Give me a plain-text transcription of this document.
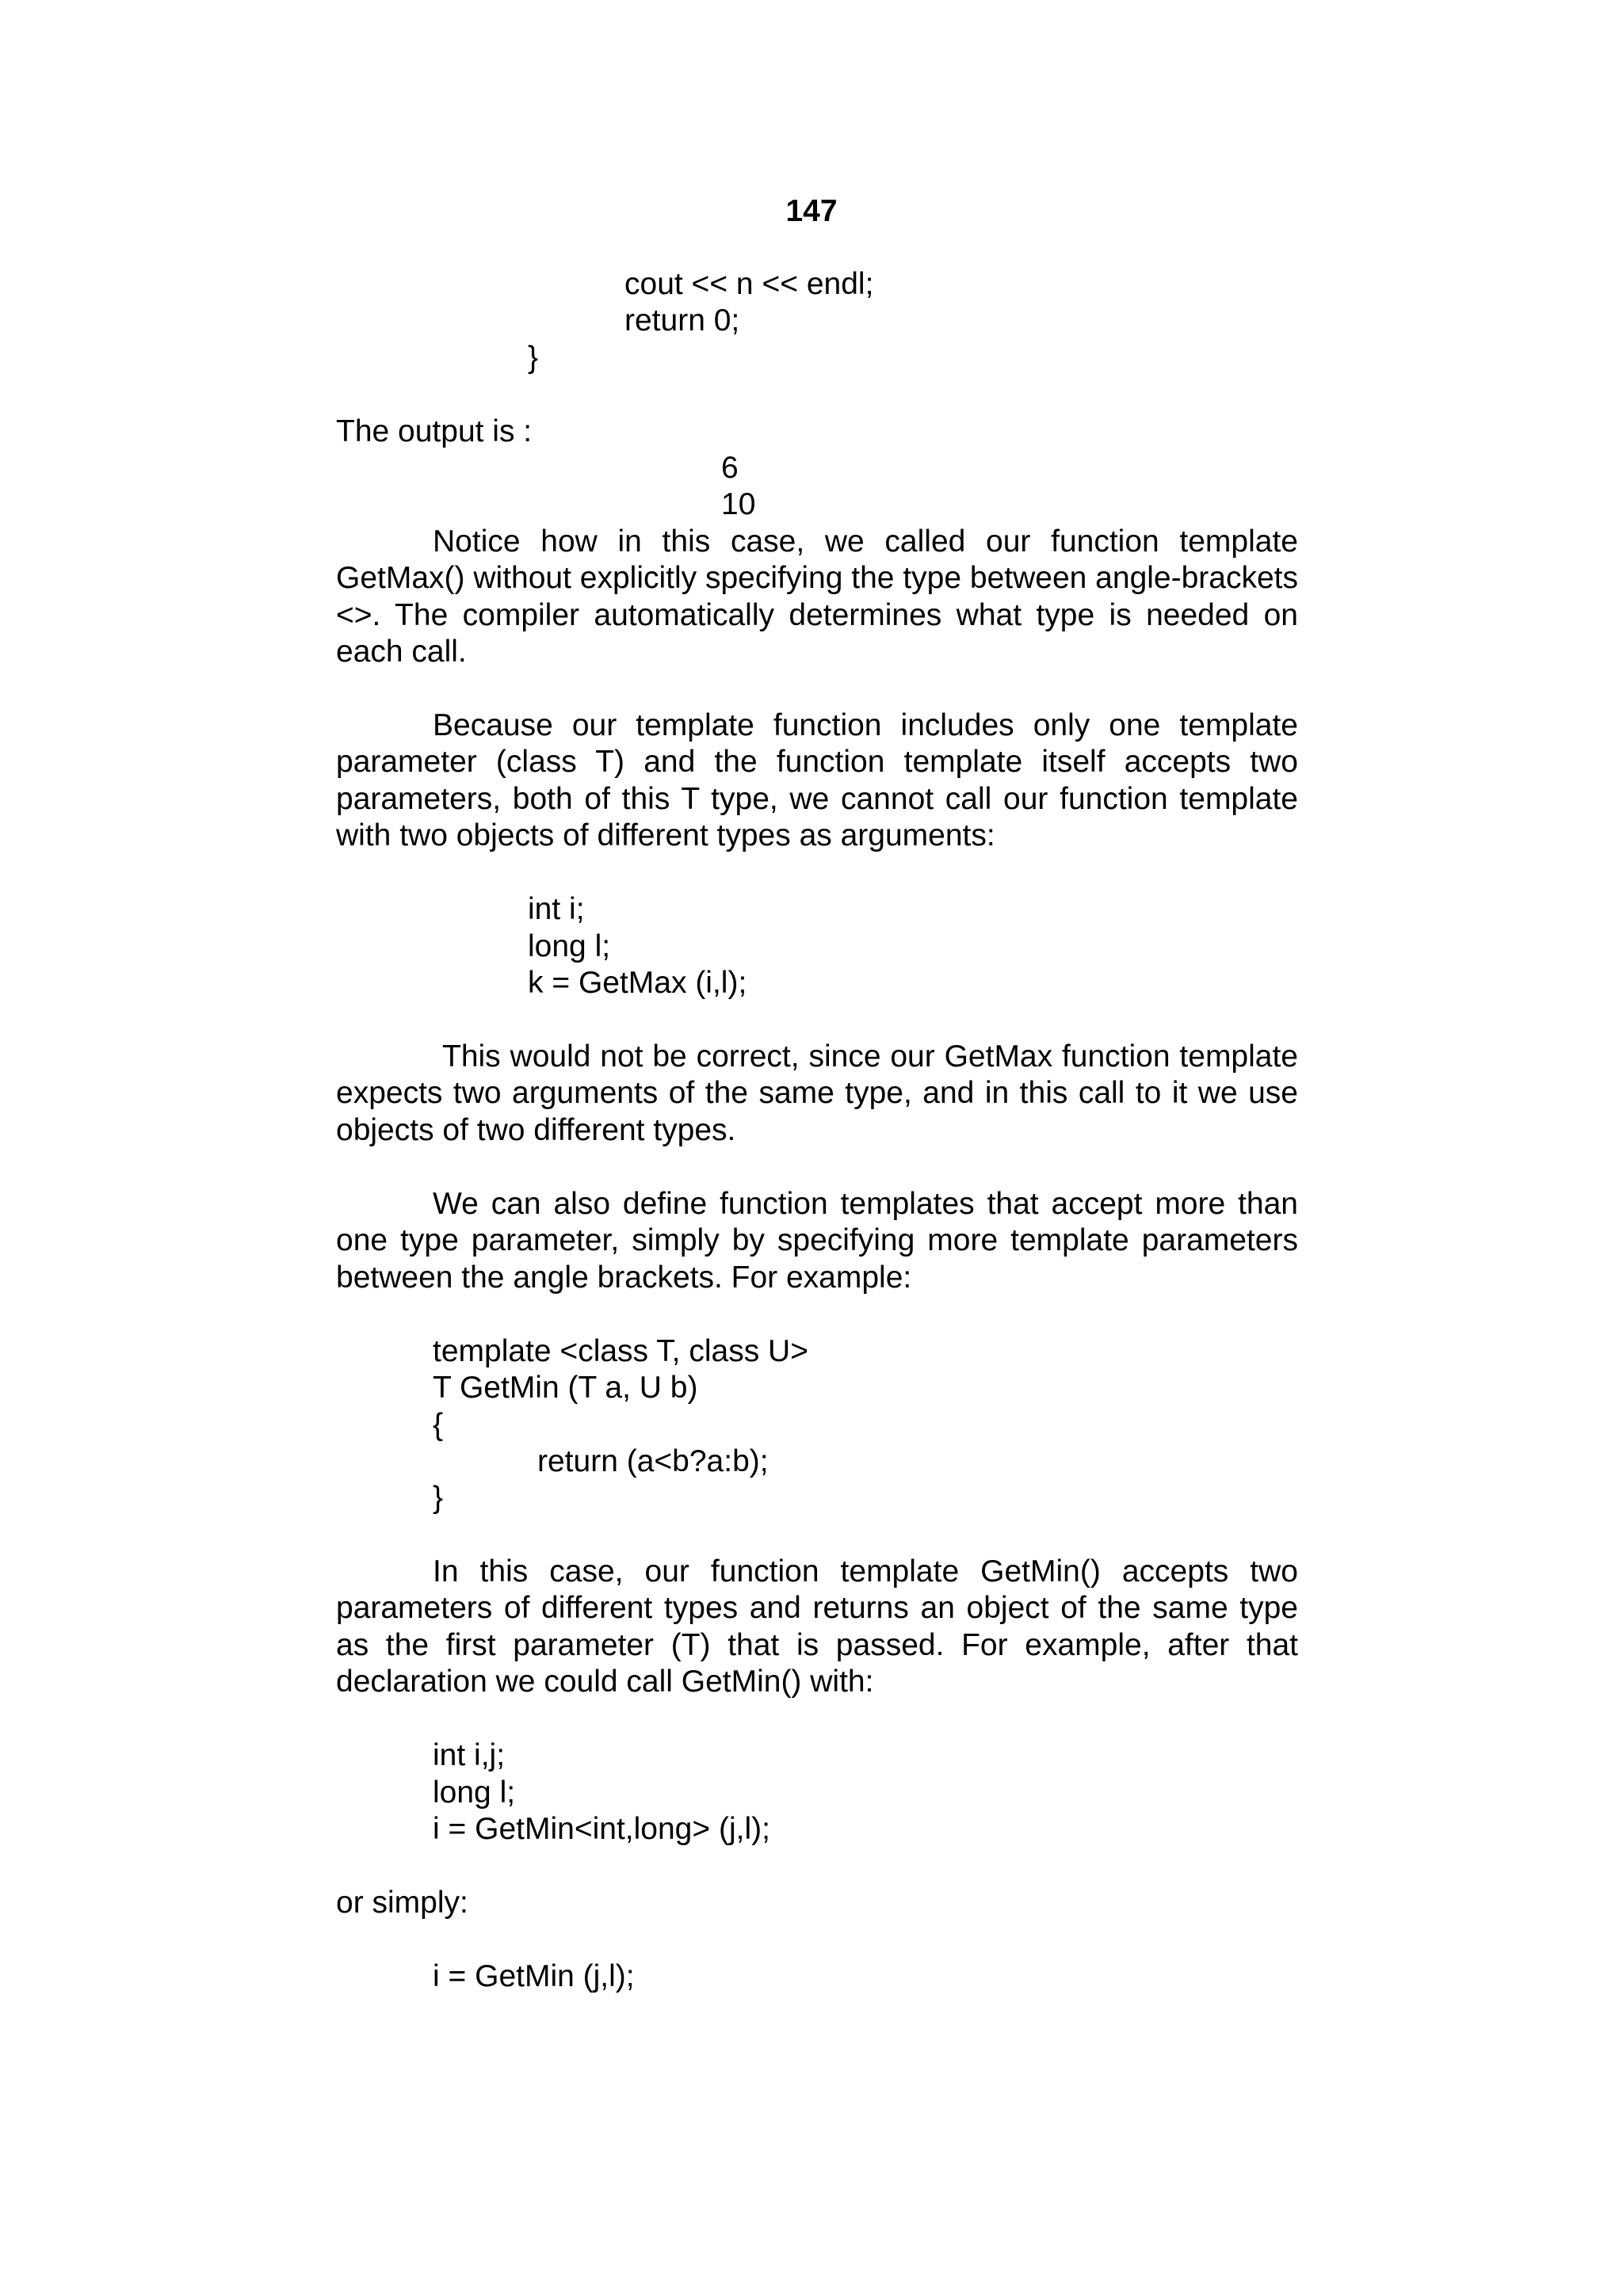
147
cout << n << endl;
return 0;
}
The output is :
6
10

Notice how in this case, we called our function template GetMax() without explicitly specifying the type between angle-brackets <>. The compiler automatically determines what type is needed on each call.

Because our template function includes only one template parameter (class T) and the function template itself accepts two parameters, both of this T type, we cannot call our function template with two objects of different types as arguments:

int i;
long l;
k = GetMax (i,l);

This would not be correct, since our GetMax function template expects two arguments of the same type, and in this call to it we use objects of two different types.

We can also define function templates that accept more than one type parameter, simply by specifying more template parameters between the angle brackets. For example:

template <class T, class U>
T GetMin (T a, U b)
{
return (a<b?a:b);
}

In this case, our function template GetMin() accepts two parameters of different types and returns an object of the same type as the first parameter (T) that is passed. For example, after that declaration we could call GetMin() with:

int i,j;
long l;
i = GetMin<int,long> (j,l);
or simply:
i = GetMin (j,l);
